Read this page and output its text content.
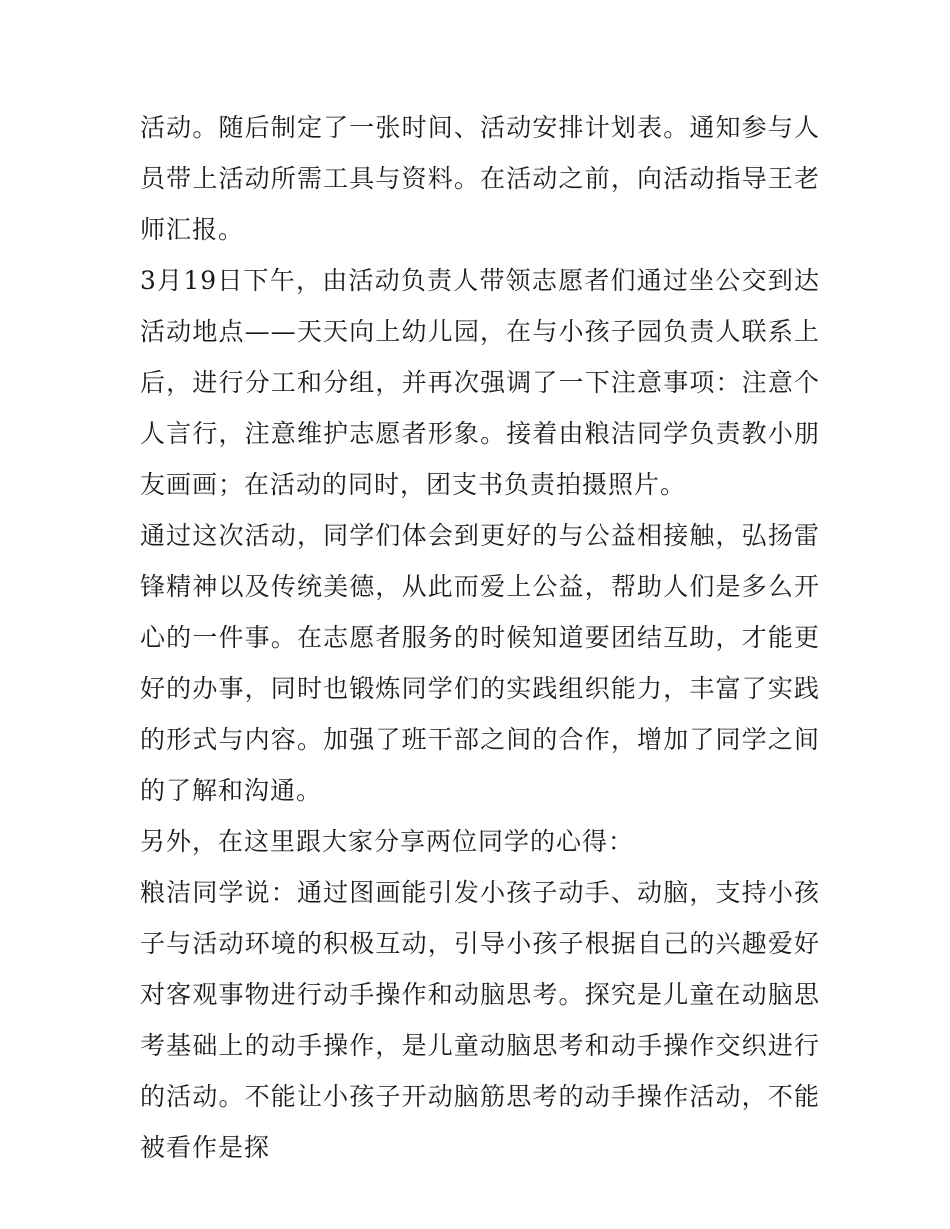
活动。随后制定了一张时间、活动安排计划表。通知参与人员带上活动所需工具与资料。在活动之前，向活动指导王老师汇报。

3月19日下午，由活动负责人带领志愿者们通过坐公交到达活动地点——天天向上幼儿园，在与小孩子园负责人联系上后，进行分工和分组，并再次强调了一下注意事项：注意个人言行，注意维护志愿者形象。接着由粮洁同学负责教小朋友画画；在活动的同时，团支书负责拍摄照片。

通过这次活动，同学们体会到更好的与公益相接触，弘扬雷锋精神以及传统美德，从此而爱上公益，帮助人们是多么开心的一件事。在志愿者服务的时候知道要团结互助，才能更好的办事，同时也锻炼同学们的实践组织能力，丰富了实践的形式与内容。加强了班干部之间的合作，增加了同学之间的了解和沟通。

另外，在这里跟大家分享两位同学的心得：

粮洁同学说：通过图画能引发小孩子动手、动脑，支持小孩子与活动环境的积极互动，引导小孩子根据自己的兴趣爱好对客观事物进行动手操作和动脑思考。探究是儿童在动脑思考基础上的动手操作，是儿童动脑思考和动手操作交织进行的活动。不能让小孩子开动脑筋思考的动手操作活动，不能被看作是探
